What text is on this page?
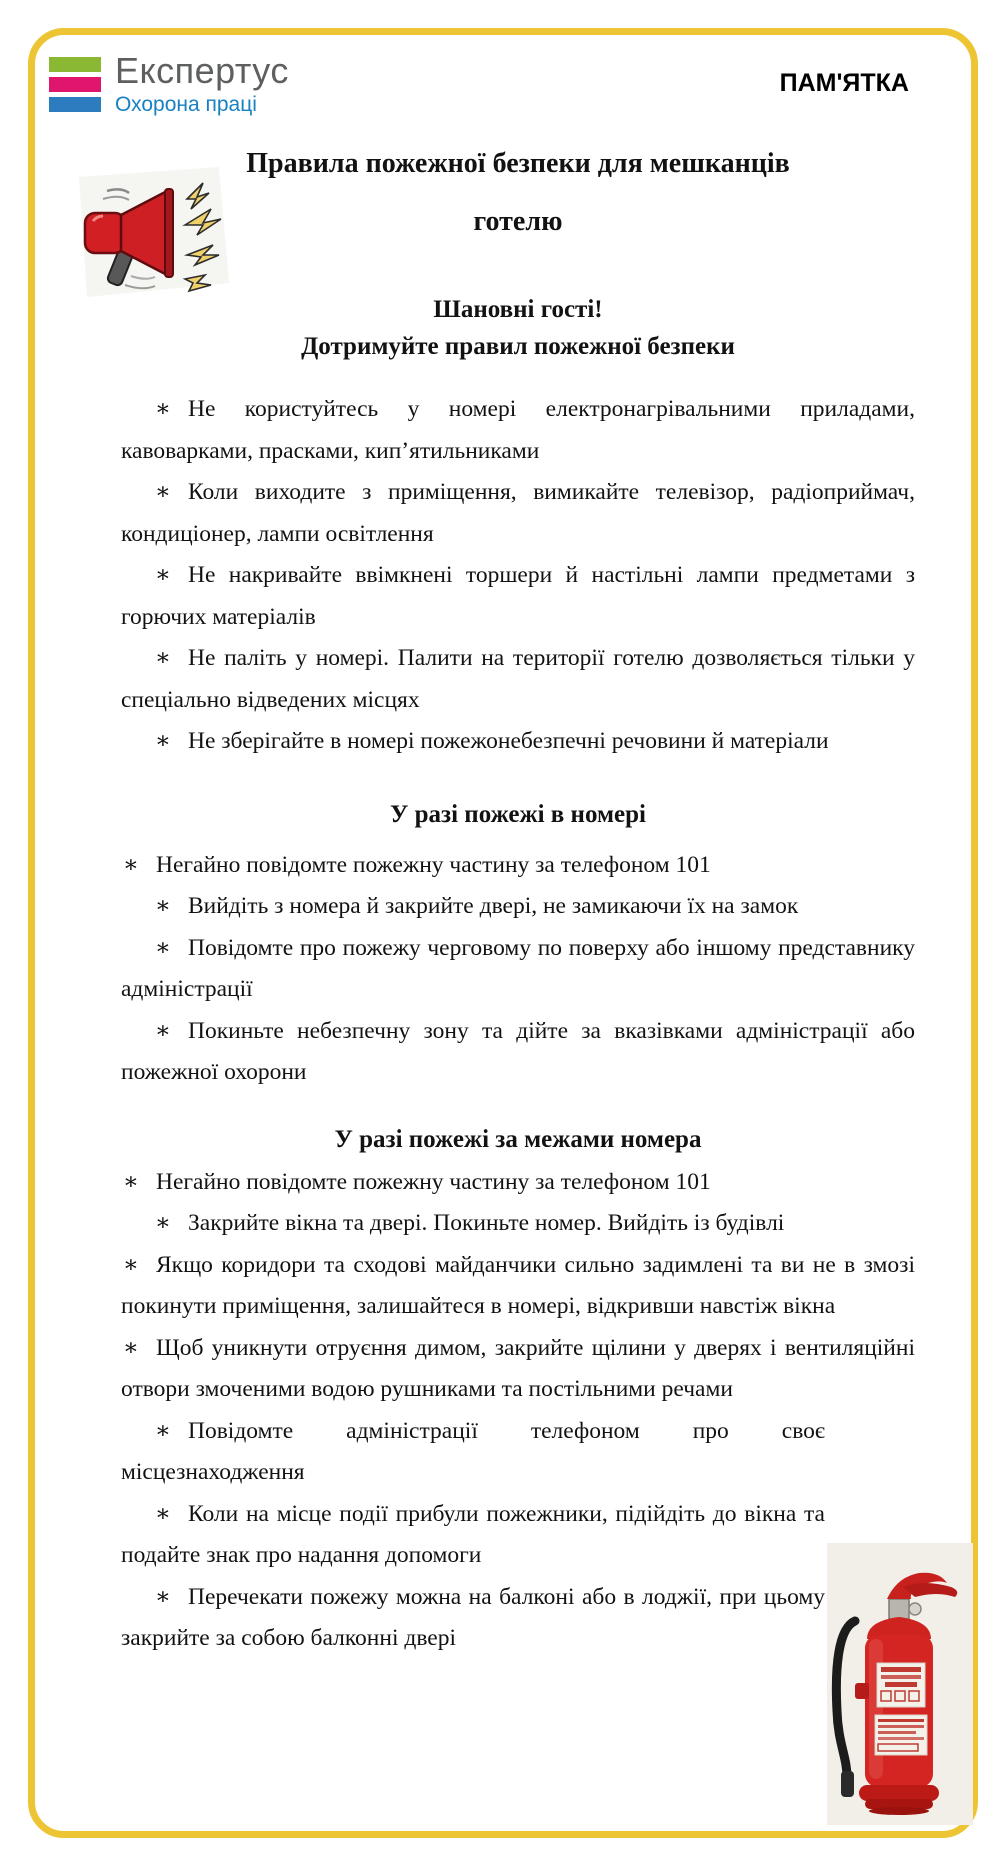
Експертус
Охорона праці
ПАМ'ЯТКА
Правила пожежної безпеки для мешканців
готелю
Шановні гості!
Дотримуйте правил пожежної безпеки

∗ Не користуйтесь у номері електронагрівальними приладами, кавоварками, прасками, кип’ятильниками

∗ Коли виходите з приміщення, вимикайте телевізор, радіоприймач, кондиціонер, лампи освітлення

∗ Не накривайте ввімкнені торшери й настільні лампи предметами з горючих матеріалів

∗ Не паліть у номері. Палити на території готелю дозволяється тільки у спеціально відведених місцях

∗ Не зберігайте в номері пожежонебезпечні речовини й матеріали

У разі пожежі в номері

∗ Негайно повідомте пожежну частину за телефоном 101

∗ Вийдіть з номера й закрийте двері, не замикаючи їх на замок

∗ Повідомте про пожежу черговому по поверху або іншому представнику адміністрації

∗ Покиньте небезпечну зону та дійте за вказівками адміністрації або пожежної охорони

У разі пожежі за межами номера

∗ Негайно повідомте пожежну частину за телефоном 101

∗ Закрийте вікна та двері. Покиньте номер. Вийдіть із будівлі

∗ Якщо коридори та сходові майданчики сильно задимлені та ви не в змозі покинути приміщення, залишайтеся в номері, відкривши навстіж вікна

∗ Щоб уникнути отруєння димом, закрийте щілини у дверях і вентиляційні отвори змоченими водою рушниками та постільними речами

∗ Повідомте адміністрації телефоном про своє місцезнаходження

∗ Коли на місце події прибули пожежники, підійдіть до вікна та подайте знак про надання допомоги

∗ Перечекати пожежу можна на балконі або в лоджії, при цьому закрийте за собою балконні двері
